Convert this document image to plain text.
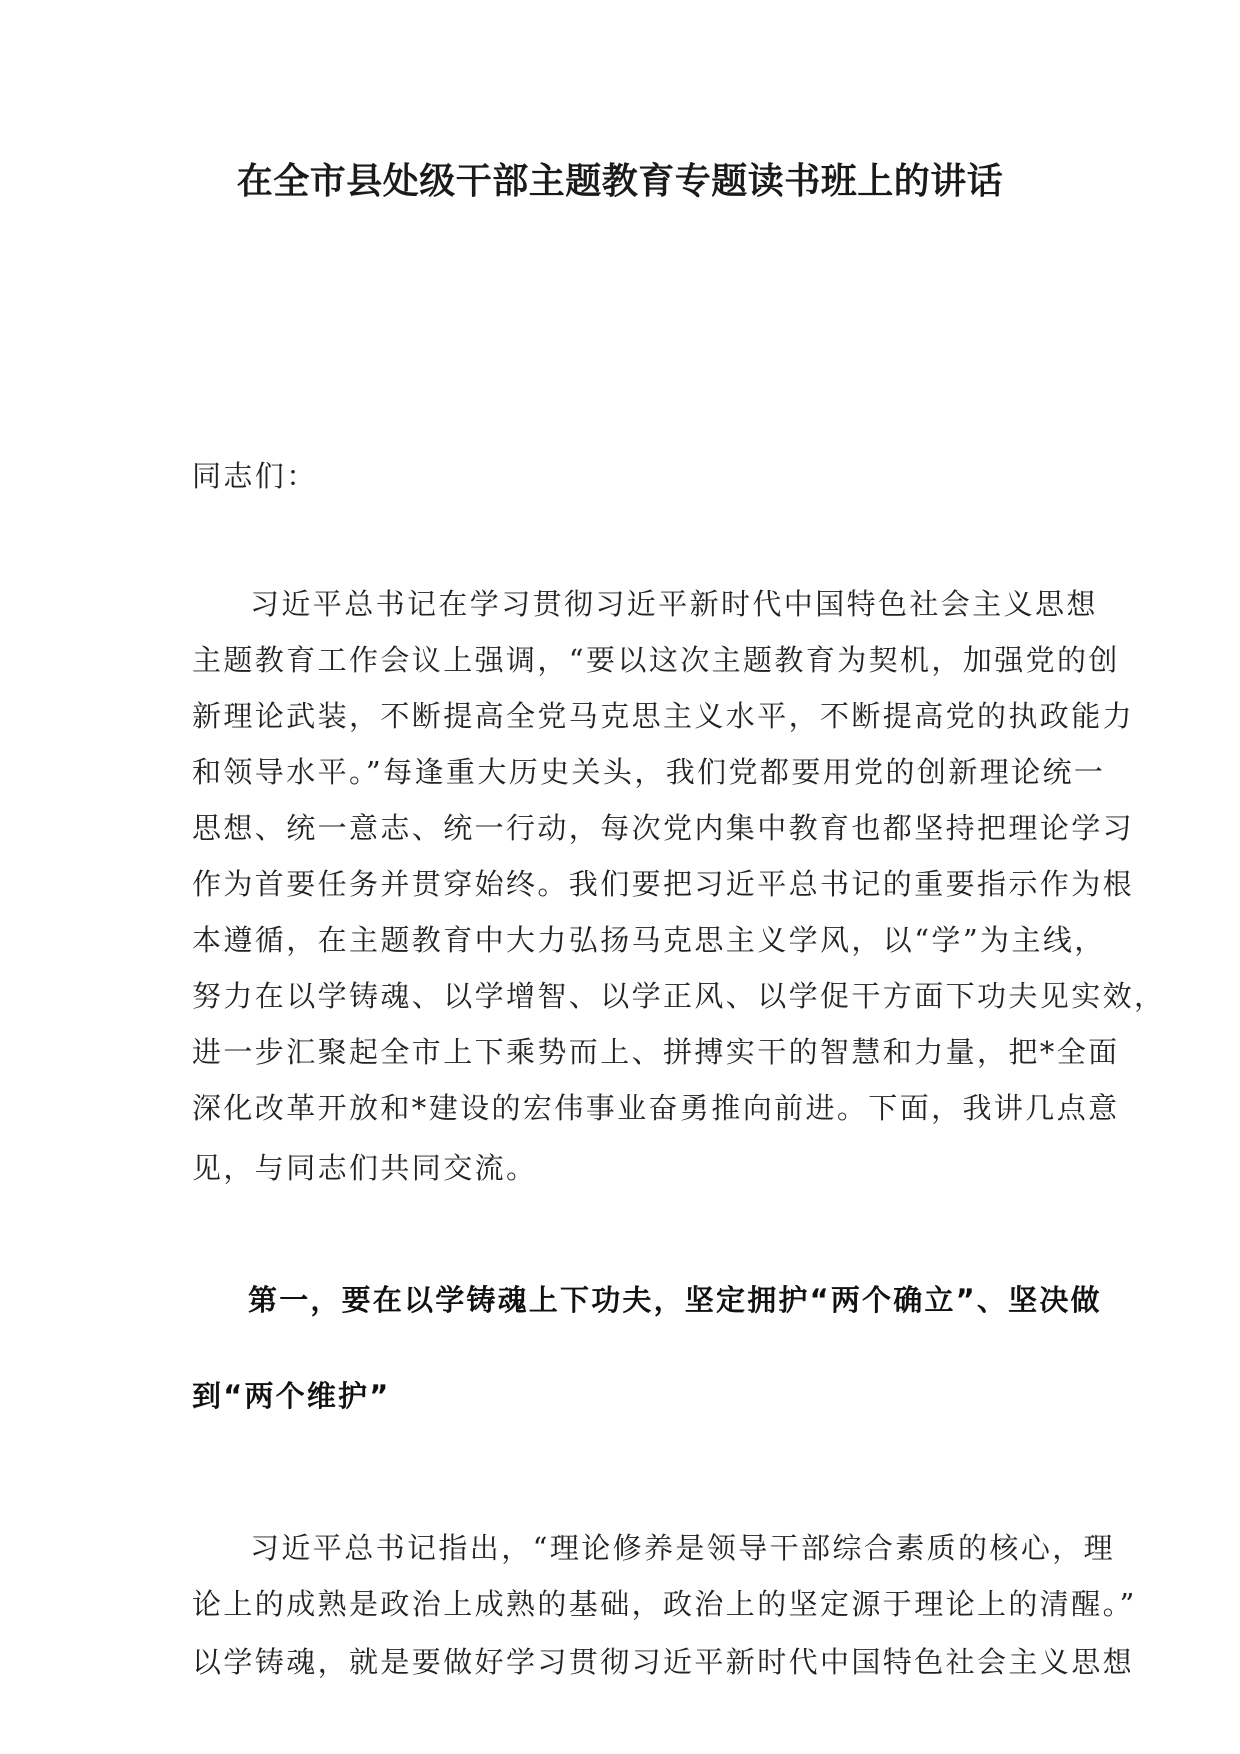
在全市县处级干部主题教育专题读书班上的讲话
同志们：
习近平总书记在学习贯彻习近平新时代中国特色社会主义思想
主题教育工作会议上强调，“要以这次主题教育为契机，加强党的创
新理论武装，不断提高全党马克思主义水平，不断提高党的执政能力
和领导水平。”每逢重大历史关头，我们党都要用党的创新理论统一
思想、统一意志、统一行动，每次党内集中教育也都坚持把理论学习
作为首要任务并贯穿始终。我们要把习近平总书记的重要指示作为根
本遵循，在主题教育中大力弘扬马克思主义学风，以“学”为主线，
努力在以学铸魂、以学增智、以学正风、以学促干方面下功夫见实效，
进一步汇聚起全市上下乘势而上、拼搏实干的智慧和力量，把*全面
深化改革开放和*建设的宏伟事业奋勇推向前进。下面，我讲几点意
见，与同志们共同交流。
第一，要在以学铸魂上下功夫，坚定拥护“两个确立”、坚决做
到“两个维护”
习近平总书记指出，“理论修养是领导干部综合素质的核心，理
论上的成熟是政治上成熟的基础，政治上的坚定源于理论上的清醒。”
以学铸魂，就是要做好学习贯彻习近平新时代中国特色社会主义思想
